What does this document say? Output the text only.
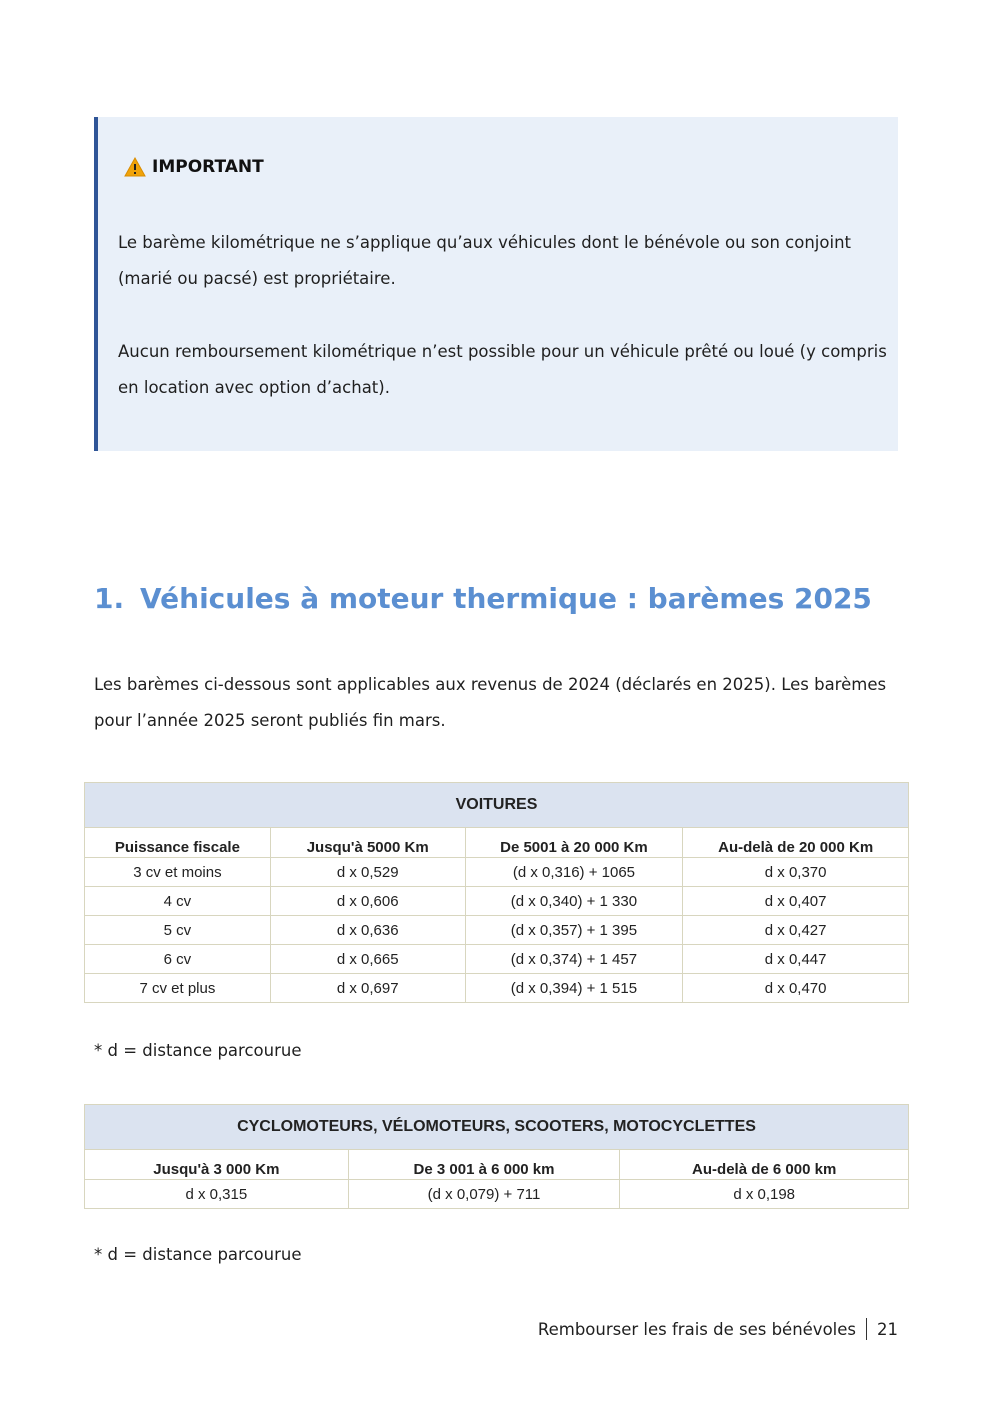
IMPORTANT

Le barème kilométrique ne s’applique qu’aux véhicules dont le bénévole ou son conjoint (marié ou pacsé) est propriétaire.

Aucun remboursement kilométrique n’est possible pour un véhicule prêté ou loué (y compris en location avec option d’achat).

1. Véhicules à moteur thermique : barèmes 2025

Les barèmes ci-dessous sont applicables aux revenus de 2024 (déclarés en 2025). Les barèmes pour l’année 2025 seront publiés fin mars.

VOITURES			
Puissance fiscale	Jusqu'à 5000 Km	De 5001 à 20 000 Km	Au-delà de 20 000 Km
3 cv et moins	d x 0,529	(d x 0,316) + 1065	d x 0,370
4 cv	d x 0,606	(d x 0,340) + 1 330	d x 0,407
5 cv	d x 0,636	(d x 0,357) + 1 395	d x 0,427
6 cv	d x 0,665	(d x 0,374) + 1 457	d x 0,447
7 cv et plus	d x 0,697	(d x 0,394) + 1 515	d x 0,470

* d = distance parcourue

CYCLOMOTEURS, VÉLOMOTEURS, SCOOTERS, MOTOCYCLETTES		
Jusqu'à 3 000 Km	De 3 001 à 6 000 km	Au-delà de 6 000 km
d x 0,315	(d x 0,079) + 711	d x 0,198

* d = distance parcourue

Rembourser les frais de ses bénévoles 21
